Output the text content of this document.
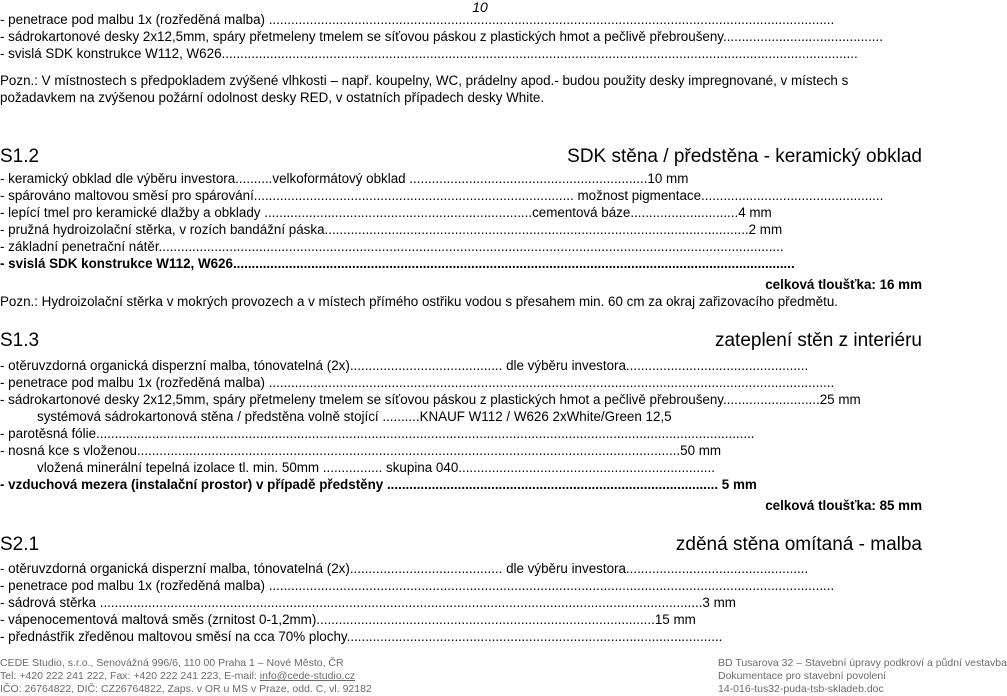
10
- penetrace pod malbu 1x (rozředěná malba) ........................................................................................................................................................
- sádrokartonové desky 2x12,5mm, spáry přetmeleny tmelem se síťovou páskou z plastických hmot a pečlivě přebroušeny...........................................
- svislá SDK konstrukce W112, W626...........................................................................................................................................................................
Pozn.: V místnostech s předpokladem zvýšené vlhkosti – např. koupelny, WC, prádelny apod.- budou použity desky impregnované, v místech s požadavkem na zvýšenou požární odolnost desky RED, v ostatních případech desky White.
S1.2	SDK stěna / předstěna - keramický obklad
- keramický obklad dle výběru investora..........velkoformátový obklad ................................................................10 mm
- spárováno maltovou směsí pro spárování...................................................................................... možnost pigmentace.................................................
- lepící tmel pro keramické dlažby a obklady ........................................................................cementová báze.............................4 mm
- pružná hydroizolační stěrka, v rozích bandážní páska..................................................................................................................2 mm
- základní penetrační nátěr........................................................................................................................................................................
- svislá SDK konstrukce W112, W626.......................................................................................................................................................
celková tloušťka: 16 mm
Pozn.: Hydroizolační stěrka v mokrých provozech a v místech přímého ostřiku vodou s přesahem min. 60 cm za okraj zařizovacího předmětu.
S1.3	zateplení stěn z interiéru
- otěruvzdorná organická disperzní malba, tónovatelná (2x)......................................... dle výběru investora.................................................
- penetrace pod malbu 1x (rozředěná malba) ........................................................................................................................................................
- sádrokartonové desky 2x12,5mm, spáry přetmeleny tmelem se síťovou páskou z plastických hmot a pečlivě přebroušeny..........................25 mm
systémová sádrokartonová stěna / předstěna volně stojící ..........KNAUF W112 / W626 2xWhite/Green 12,5
- parotěsná fólie.................................................................................................................................................................................
- nosná kce s vloženou..................................................................................................................................................50 mm
vložená minerální tepelná izolace tl. min. 50mm ................ skupina 040.....................................................................
- vzduchová mezera (instalační prostor) v případě předstěny ......................................................................................... 5 mm
celková tloušťka: 85 mm
S2.1	zděná stěna omítaná - malba
- otěruvzdorná organická disperzní malba, tónovatelná (2x)......................................... dle výběru investora.................................................
- penetrace pod malbu 1x (rozředěná malba) ........................................................................................................................................................
- sádrová stěrka ..................................................................................................................................................................3 mm
- vápenocementová maltová směs (zrnitost 0-1,2mm)...........................................................................................15 mm
- přednástřik zředěnou maltovou směsí na cca 70% plochy.....................................................................................................
CEDE Studio, s.r.o., Senovážná 996/6, 110 00 Praha 1 – Nové Město, ČR
Tel: +420 222 241 222, Fax: +420 222 241 223, E-mail: info@cede-studio.cz
IČO: 26764822, DIČ: CZ26764822, Zaps. v OR u MS v Praze, odd. C, vl. 92182
BD Tusarova 32 – Stavební úpravy podkroví a půdní vestavba
Dokumentace pro stavební povolení
14-016-tus32-puda-tsb-skladeb.doc
